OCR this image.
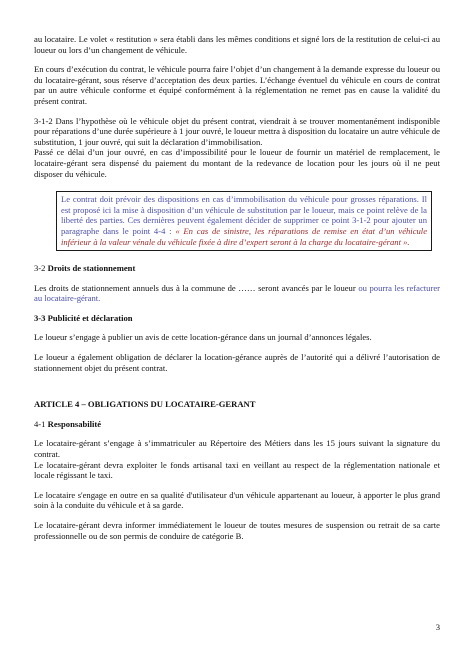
au locataire. Le volet « restitution » sera établi dans les mêmes conditions et signé lors de la restitution de celui-ci au loueur ou lors d’un changement de véhicule.

En cours d’exécution du contrat, le véhicule pourra faire l’objet d’un changement à la demande expresse du loueur ou du locataire-gérant, sous réserve d’acceptation des deux parties. L’échange éventuel du véhicule en cours de contrat par un autre véhicule conforme et équipé conformément à la réglementation ne remet pas en cause la validité du présent contrat.

3-1-2 Dans l’hypothèse où le véhicule objet du présent contrat, viendrait à se trouver momentanément indisponible pour réparations d’une durée supérieure à 1 jour ouvré, le loueur mettra à disposition du locataire un autre véhicule de substitution, 1 jour ouvré, qui suit la déclaration d’immobilisation.

Passé ce délai d’un jour ouvré, en cas d’impossibilité pour le loueur de fournir un matériel de remplacement, le locataire-gérant sera dispensé du paiement du montant de la redevance de location pour les jours où il ne peut disposer du véhicule.

Le contrat doit prévoir des dispositions en cas d’immobilisation du véhicule pour grosses réparations. Il est proposé ici la mise à disposition d’un véhicule de substitution par le loueur, mais ce point relève de la liberté des parties. Ces dernières peuvent également décider de supprimer ce point 3-1-2 pour ajouter un paragraphe dans le point 4-4 : « En cas de sinistre, les réparations de remise en état d’un véhicule inférieur à la valeur vénale du véhicule fixée à dire d’expert seront à la charge du locataire-gérant ».

3-2 Droits de stationnement

Les droits de stationnement annuels dus à la commune de …… seront avancés par le loueur ou pourra les refacturer au locataire-gérant.

3-3 Publicité et déclaration

Le loueur s’engage à publier un avis de cette location-gérance dans un journal d’annonces légales.

Le loueur a également obligation de déclarer la location-gérance auprès de l’autorité qui a délivré l’autorisation de stationnement objet du présent contrat.

ARTICLE 4 – OBLIGATIONS DU LOCATAIRE-GERANT

4-1 Responsabilité

Le locataire-gérant s’engage à s’immatriculer au Répertoire des Métiers dans les 15 jours suivant la signature du contrat.

Le locataire-gérant devra exploiter le fonds artisanal taxi en veillant au respect de la réglementation nationale et locale régissant le taxi.

Le locataire s'engage en outre en sa qualité d'utilisateur d'un véhicule appartenant au loueur, à apporter le plus grand soin à la conduite du véhicule et à sa garde.

Le locataire-gérant devra informer immédiatement le loueur de toutes mesures de suspension ou retrait de sa carte professionnelle ou de son permis de conduire de catégorie B.

3
